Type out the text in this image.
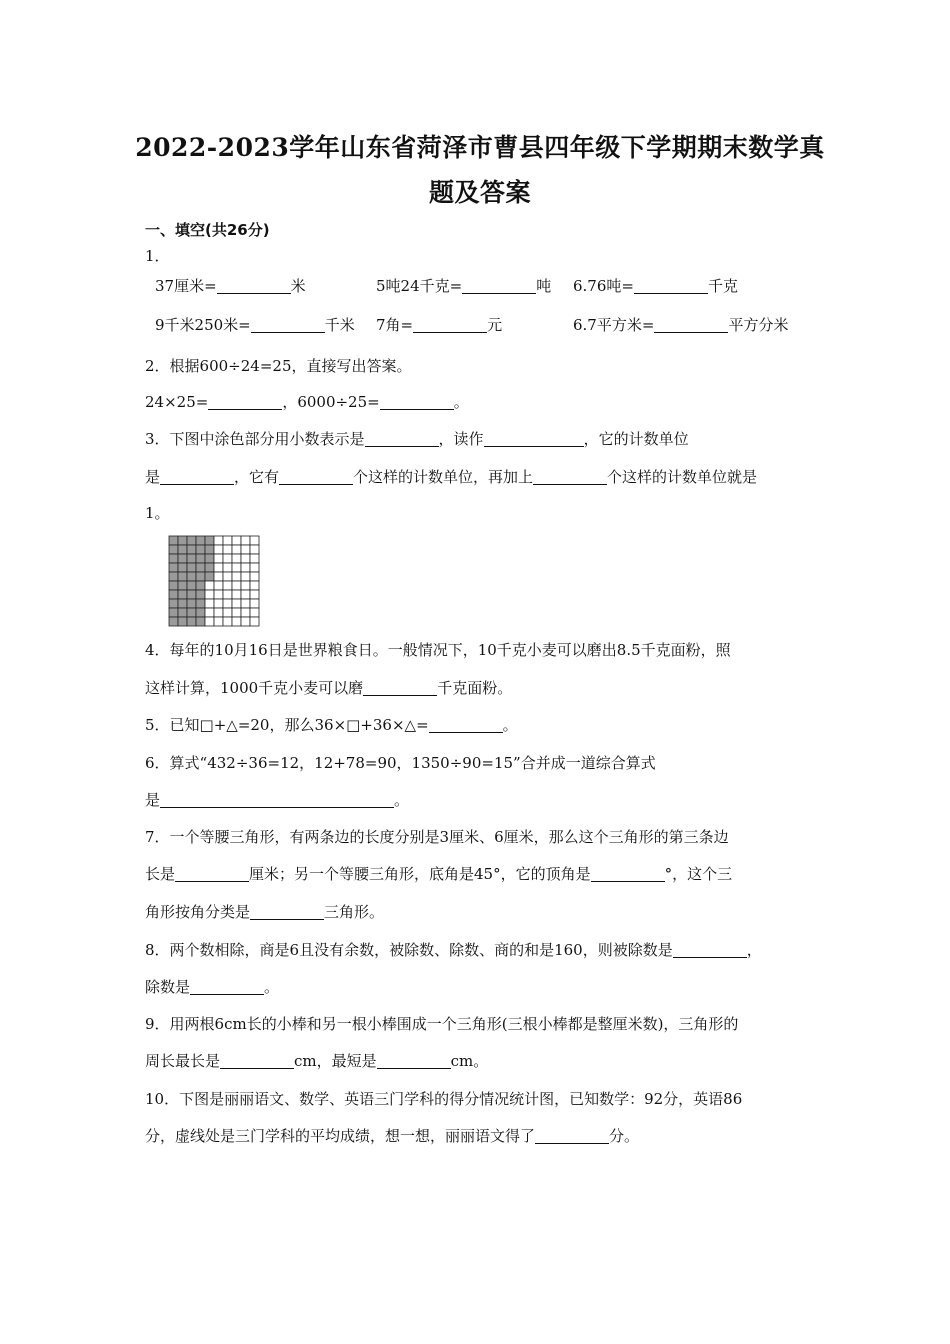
2022-2023学年山东省菏泽市曹县四年级下学期期末数学真
题及答案
一、填空(共26分)
1．
37厘米=	米	5吨24千克=	吨 6.76吨=	千克
9千米250米=	千米 7角=	元	6.7平方米=	平方分米
2．根据600÷24=25，直接写出答案。
24×25=	，6000÷25=	。
3．下图中涂色部分用小数表示是	，读作	，它的计数单位
是	，它有	个这样的计数单位，再加上	个这样的计数单位就是
1。
4．每年的10月16日是世界粮食日。一般情况下，10千克小麦可以磨出8.5千克面粉，照
这样计算，1000千克小麦可以磨	千克面粉。
5．已知□+△=20，那么36×□+36×△=	。
6．算式“432÷36=12，12+78=90，1350÷90=15”合并成一道综合算式
是	。
7．一个等腰三角形，有两条边的长度分别是3厘米、6厘米，那么这个三角形的第三条边
长是	厘米；另一个等腰三角形，底角是45°，它的顶角是	°，这个三
角形按角分类是	三角形。
8．两个数相除，商是6且没有余数，被除数、除数、商的和是160，则被除数是	，
除数是	。
9．用两根6cm长的小棒和另一根小棒围成一个三角形(三根小棒都是整厘米数)，三角形的
周长最长是	cm，最短是	cm。
10．下图是丽丽语文、数学、英语三门学科的得分情况统计图，已知数学：92分，英语86
分，虚线处是三门学科的平均成绩，想一想，丽丽语文得了	分。
